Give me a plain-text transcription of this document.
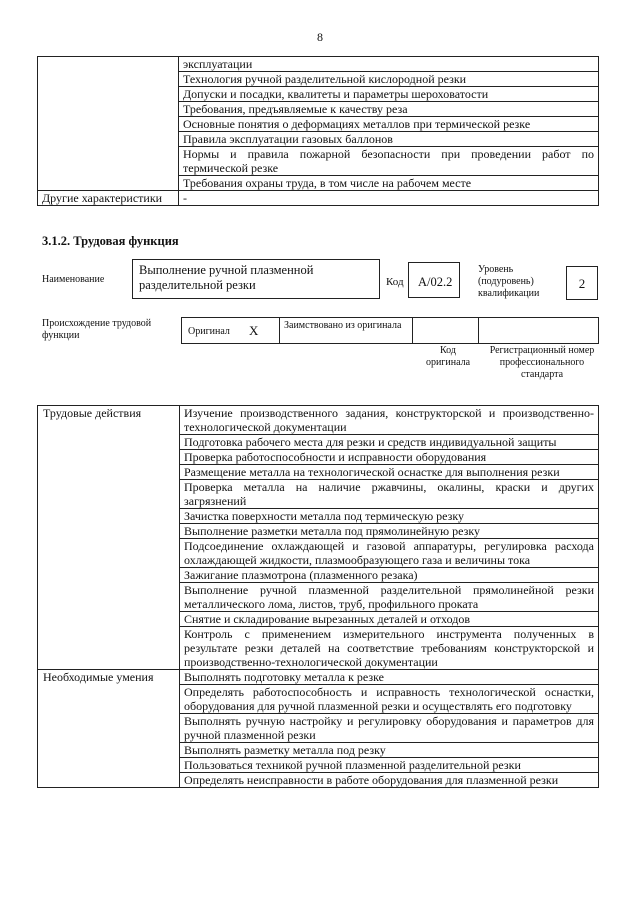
8
	эксплуатации
	Технология ручной разделительной кислородной резки
	Допуски и посадки, квалитеты и параметры шероховатости
	Требования, предъявляемые к качеству реза
	Основные понятия о деформациях металлов при термической резке
	Правила эксплуатации газовых баллонов
	Нормы и правила пожарной безопасности при проведении работ по термической резке
	Требования охраны труда, в том числе на рабочем месте
Другие характеристики	-
3.1.2. Трудовая функция
Наименование
Выполнение ручной плазменной разделительной резки	Код	A/02.2
Уровень (подуровень) квалификации
2
Происхождение трудовой функции	Оригинал X	Заимствовано из оригинала
Код оригинала
Регистрационный номер профессионального стандарта
Трудовые действия	Изучение производственного задания, конструкторской и производственно-технологической документации
	Подготовка рабочего места для резки и средств индивидуальной защиты
	Проверка работоспособности и исправности оборудования
	Размещение металла на технологической оснастке для выполнения резки
	Проверка металла на наличие ржавчины, окалины, краски и других загрязнений
	Зачистка поверхности металла под термическую резку
	Выполнение разметки металла под прямолинейную резку
	Подсоединение охлаждающей и газовой аппаратуры, регулировка расхода охлаждающей жидкости, плазмообразующего газа и величины тока
	Зажигание плазмотрона (плазменного резака)
	Выполнение ручной плазменной разделительной прямолинейной резки металлического лома, листов, труб, профильного проката
	Снятие и складирование вырезанных деталей и отходов
	Контроль с применением измерительного инструмента полученных в результате резки деталей на соответствие требованиям конструкторской и производственно-технологической документации
Необходимые умения	Выполнять подготовку металла к резке
	Определять работоспособность и исправность технологической оснастки, оборудования для ручной плазменной резки и осуществлять его подготовку
	Выполнять ручную настройку и регулировку оборудования и параметров для ручной плазменной резки
	Выполнять разметку металла под резку
	Пользоваться техникой ручной плазменной разделительной резки
	Определять неисправности в работе оборудования для плазменной резки
